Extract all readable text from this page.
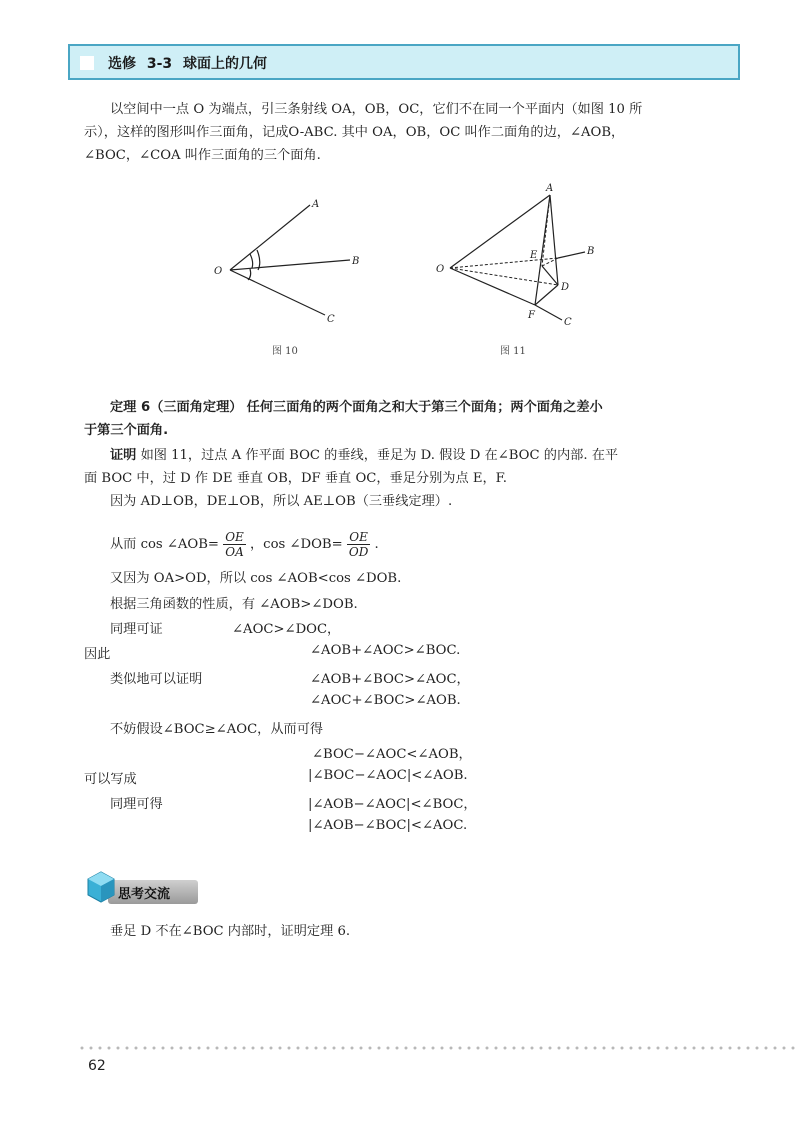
选修 3-3 球面上的几何
以空间中一点 O 为端点，引三条射线 OA，OB，OC，它们不在同一个平面内（如图 10 所
示），这样的图形叫作三面角，记成O-ABC. 其中 OA，OB，OC 叫作二面角的边，∠AOB，
∠BOC，∠COA 叫作三面角的三个面角.
O
A
B
C
图 10
O
A
B
C
D
E
F
图 11
定理 6（三面角定理） 任何三面角的两个面角之和大于第三个面角；两个面角之差小
于第三个面角.
证明 如图 11，过点 A 作平面 BOC 的垂线，垂足为 D. 假设 D 在∠BOC 的内部. 在平
面 BOC 中，过 D 作 DE 垂直 OB，DF 垂直 OC，垂足分别为点 E，F.
因为 AD⊥OB，DE⊥OB，所以 AE⊥OB（三垂线定理）.
从而 cos ∠AOB= $\frac{OE}{OA}$ ，cos ∠DOB= $\frac{OE}{OD}$ .
又因为 OA>OD，所以 cos ∠AOB<cos ∠DOB.
根据三角函数的性质，有 ∠AOB>∠DOB.
同理可证	∠AOC>∠DOC，
因此	∠AOB+∠AOC>∠BOC.
类似地可以证明	∠AOB+∠BOC>∠AOC，
∠AOC+∠BOC>∠AOB.
不妨假设∠BOC≥∠AOC，从而可得
∠BOC−∠AOC<∠AOB，
可以写成	|∠BOC−∠AOC|<∠AOB.
同理可得	|∠AOB−∠AOC|<∠BOC，
|∠AOB−∠BOC|<∠AOC.
思考交流
垂足 D 不在∠BOC 内部时，证明定理 6.
62
